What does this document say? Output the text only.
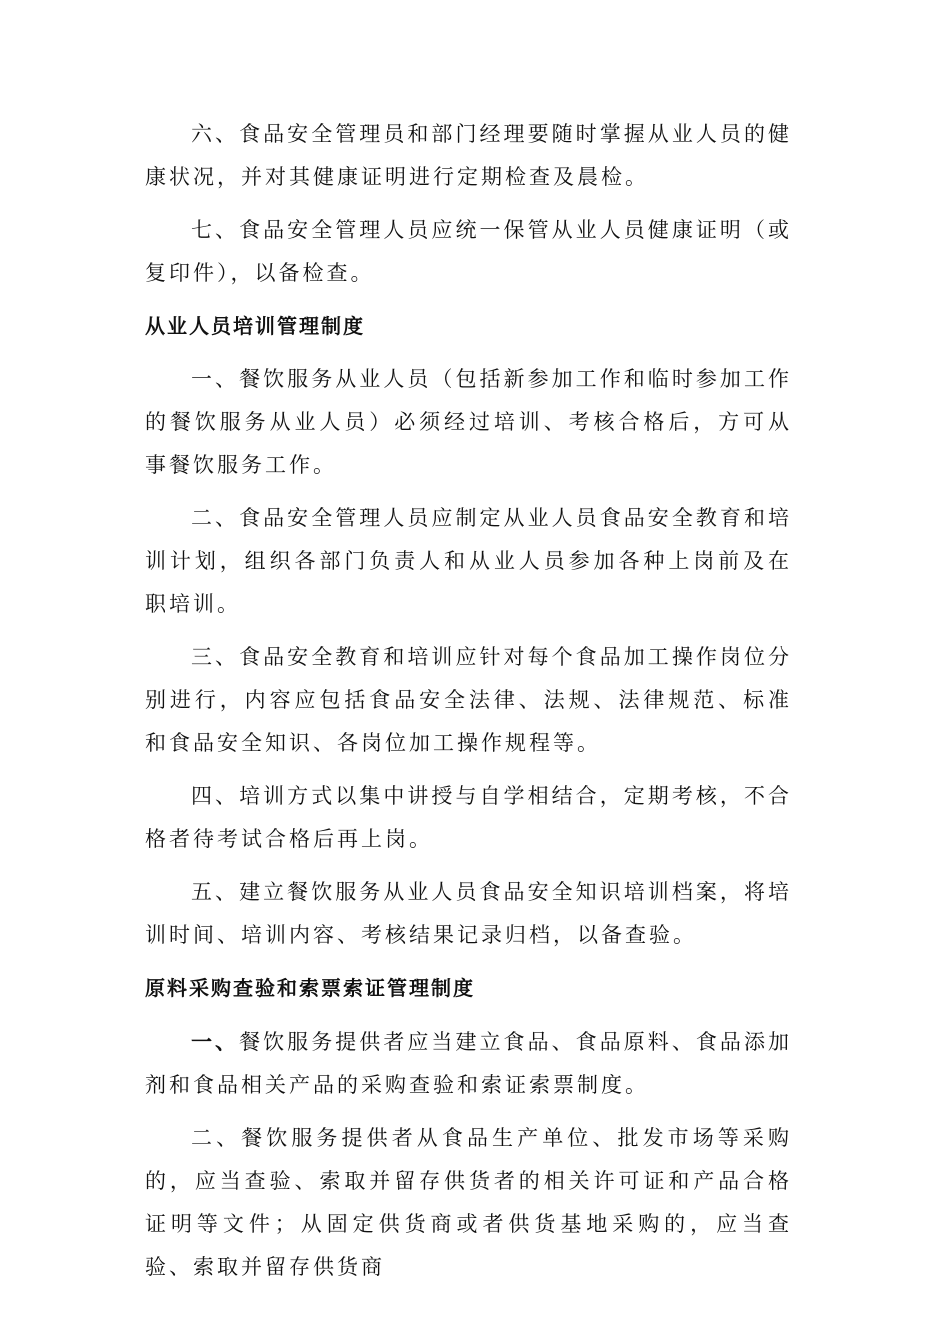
六、食品安全管理员和部门经理要随时掌握从业人员的健康状况，并对其健康证明进行定期检查及晨检。

七、食品安全管理人员应统一保管从业人员健康证明（或复印件），以备检查。

从业人员培训管理制度

一、餐饮服务从业人员（包括新参加工作和临时参加工作的餐饮服务从业人员）必须经过培训、考核合格后，方可从事餐饮服务工作。

二、食品安全管理人员应制定从业人员食品安全教育和培训计划，组织各部门负责人和从业人员参加各种上岗前及在职培训。

三、食品安全教育和培训应针对每个食品加工操作岗位分别进行，内容应包括食品安全法律、法规、法律规范、标准和食品安全知识、各岗位加工操作规程等。

四、培训方式以集中讲授与自学相结合，定期考核，不合格者待考试合格后再上岗。

五、建立餐饮服务从业人员食品安全知识培训档案，将培训时间、培训内容、考核结果记录归档，以备查验。

原料采购查验和索票索证管理制度

一、餐饮服务提供者应当建立食品、食品原料、食品添加剂和食品相关产品的采购查验和索证索票制度。

二、餐饮服务提供者从食品生产单位、批发市场等采购的，应当查验、索取并留存供货者的相关许可证和产品合格证明等文件；从固定供货商或者供货基地采购的，应当查验、索取并留存供货商
